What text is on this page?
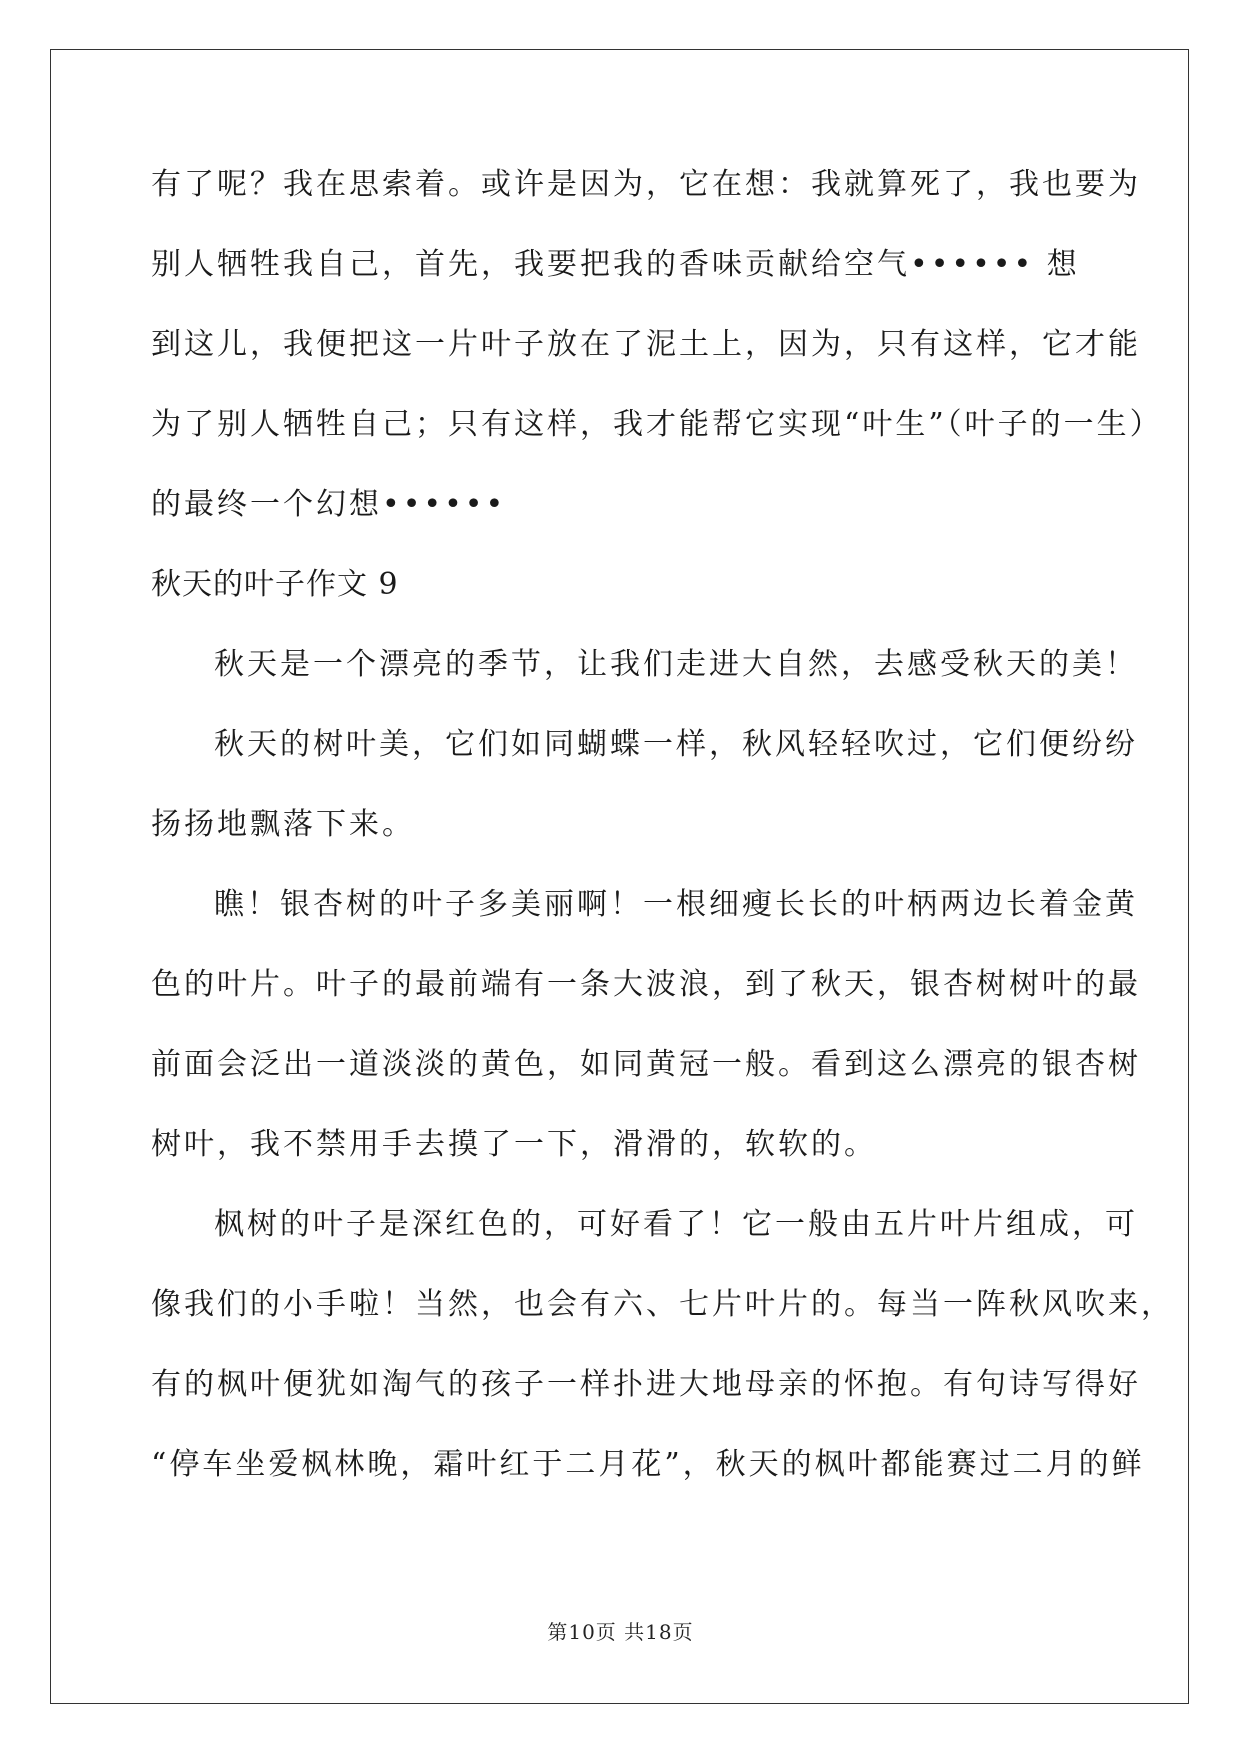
有了呢？我在思索着。或许是因为，它在想：我就算死了，我也要为
别人牺牲我自己，首先，我要把我的香味贡献给空气•••••• 想
到这儿，我便把这一片叶子放在了泥土上，因为，只有这样，它才能
为了别人牺牲自己；只有这样，我才能帮它实现“叶生”（叶子的一生）
的最终一个幻想••••••
秋天的叶子作文 9
秋天是一个漂亮的季节，让我们走进大自然，去感受秋天的美！
秋天的树叶美，它们如同蝴蝶一样，秋风轻轻吹过，它们便纷纷
扬扬地飘落下来。
瞧！银杏树的叶子多美丽啊！一根细瘦长长的叶柄两边长着金黄
色的叶片。叶子的最前端有一条大波浪，到了秋天，银杏树树叶的最
前面会泛出一道淡淡的黄色，如同黄冠一般。看到这么漂亮的银杏树
树叶，我不禁用手去摸了一下，滑滑的，软软的。
枫树的叶子是深红色的，可好看了！它一般由五片叶片组成，可
像我们的小手啦！当然，也会有六、七片叶片的。每当一阵秋风吹来，
有的枫叶便犹如淘气的孩子一样扑进大地母亲的怀抱。有句诗写得好
“停车坐爱枫林晚，霜叶红于二月花”，秋天的枫叶都能赛过二月的鲜
第10页 共18页
